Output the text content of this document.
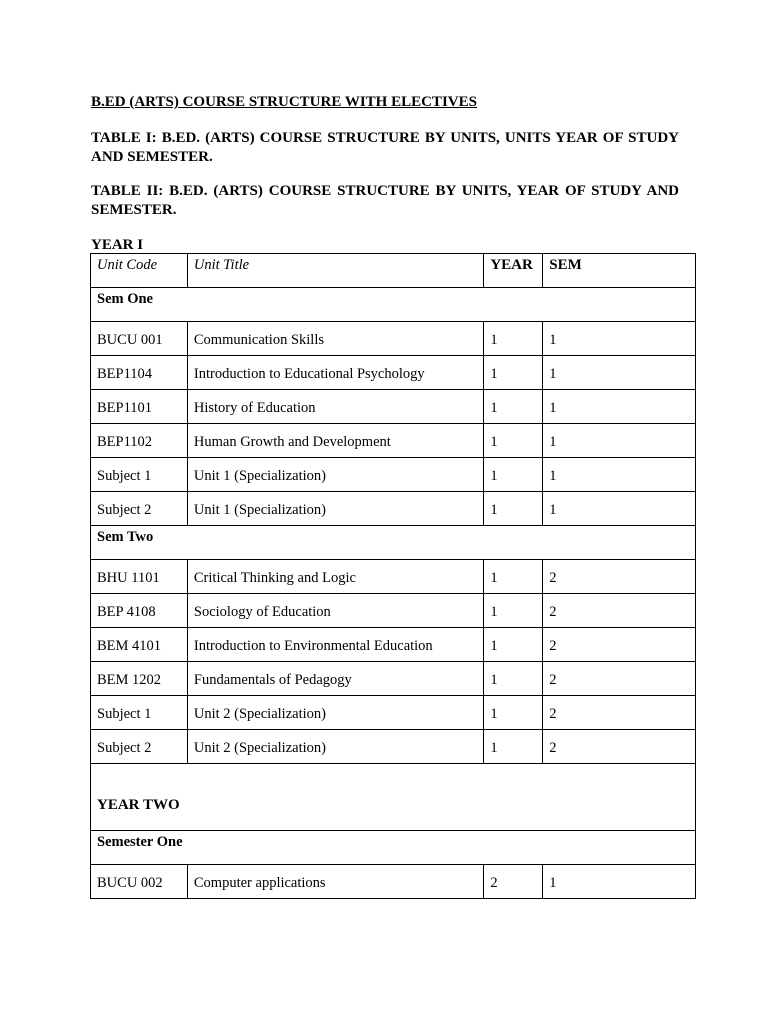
B.ED (ARTS) COURSE STRUCTURE WITH ELECTIVES
TABLE I: B.ED. (ARTS) COURSE STRUCTURE BY UNITS, UNITS YEAR OF STUDY AND SEMESTER.
TABLE II: B.ED. (ARTS) COURSE STRUCTURE BY UNITS, YEAR OF STUDY AND SEMESTER.
YEAR I
Unit Code	Unit Title	YEAR	SEM

Sem One			

BUCU 001	Communication Skills	1	1

BEP1104	Introduction to Educational Psychology	1	1

BEP1101	History of Education	1	1

BEP1102	Human Growth and Development	1	1

Subject 1	Unit 1 (Specialization)	1	1

Subject 2	Unit 1 (Specialization)	1	1

Sem Two			

BHU 1101	Critical Thinking and Logic	1	2

BEP 4108	Sociology of Education	1	2

BEM 4101	Introduction to Environmental Education	1	2

BEM 1202	Fundamentals of Pedagogy	1	2

Subject 1	Unit 2 (Specialization)	1	2

Subject 2	Unit 2 (Specialization)	1	2

YEAR TWO			

Semester One			

BUCU 002	Computer applications	2	1
